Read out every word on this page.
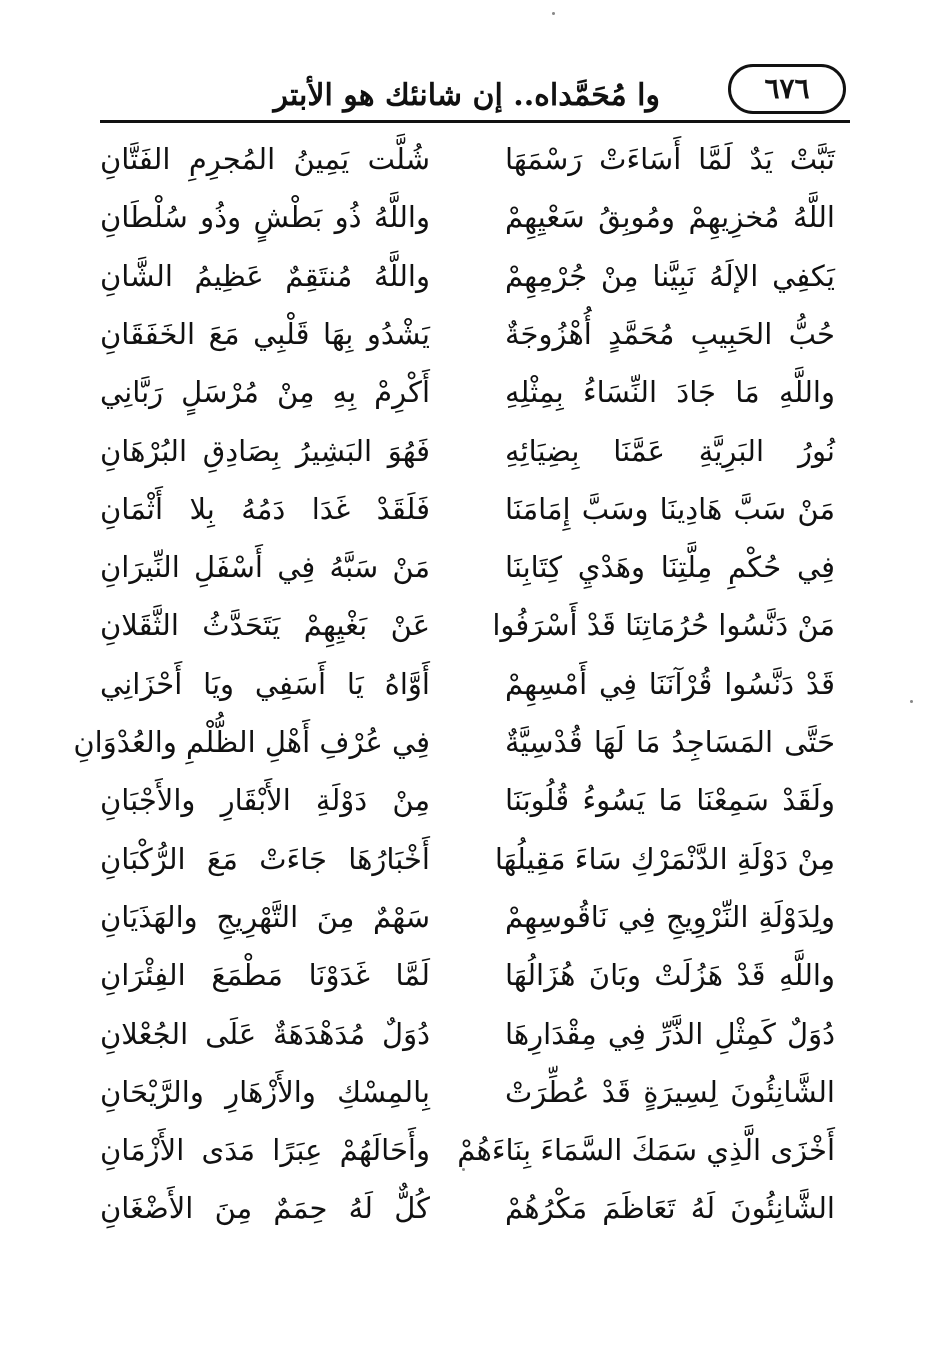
وا مُحَمَّداه.. إن شانئك هو الأبتر	٦٧٦
تَبَّتْ يَدٌ لَمَّا أَسَاءَتْ رَسْمَهَا
شُلَّت يَمِينُ المُجرِمِ الفَتَّانِ
اللَّهُ مُخزِيهِمْ ومُوبِقُ سَعْيِهِمْ
واللَّهُ ذُو بَطْشٍ وذُو سُلْطَانِ
يَكفِي الإلَهُ نَبِيَّنا مِنْ جُرْمِهِمْ
واللَّهُ مُنتَقِمٌ عَظِيمُ الشَّانِ
حُبُّ الحَبِيبِ مُحَمَّدٍ أُهْزُوجَةٌ
يَشْدُو بِهَا قَلْبِي مَعَ الخَفَقَانِ
واللَّهِ مَا جَادَ النِّسَاءُ بِمِثْلِهِ
أَكْرِمْ بِهِ مِنْ مُرْسَلٍ رَبَّانِي
نُورُ البَرِيَّةِ عَمَّنَا بِضِيَائِهِ
فَهُوَ البَشِيرُ بِصَادِقِ البُرْهَانِ
مَنْ سَبَّ هَادِينَا وسَبَّ إِمَامَنَا
فَلَقَدْ غَدَا دَمُهُ بِلا أَثْمَانِ
فِي حُكْمِ مِلَّتِنَا وهَدْيِ كِتَابِنَا
مَنْ سَبَّهُ فِي أَسْفَلِ النِّيرَانِ
مَنْ دَنَّسُوا حُرُمَاتِنَا قَدْ أَسْرَفُوا
عَنْ بَغْيِهِمْ يَتَحَدَّثُ الثَّقَلانِ
قَدْ دَنَّسُوا قُرْآنَنَا فِي أَمْسِهِمْ
أَوَّاهُ يَا أَسَفِي ويَا أَحْزَانِي
حَتَّى المَسَاجِدُ مَا لَهَا قُدْسِيَّةٌ
فِي عُرْفِ أَهْلِ الظُّلْمِ والعُدْوَانِ
ولَقَدْ سَمِعْنَا مَا يَسُوءُ قُلُوبَنَا
مِنْ دَوْلَةِ الأَبْقَارِ والأَجْبَانِ
مِنْ دَوْلَةِ الدَّنْمَرْكِ سَاءَ مَقِيلُهَا
أَخْبَارُهَا جَاءَتْ مَعَ الرُّكْبَانِ
ولِدَوْلَةِ النِّرْوِيجِ فِي نَاقُوسِهِمْ
سَهْمٌ مِنَ التَّهْرِيجِ والهَذَيَانِ
واللَّهِ قَدْ هَزُلَتْ وبَانَ هُزَالُهَا
لَمَّا غَدَوْنَا مَطْمَعَ الفِئْرَانِ
دُوَلٌ كَمِثْلِ الذَّرِّ فِي مِقْدَارِهَا
دُوَلٌ مُدَهْدَهَةٌ عَلَى الجُعْلانِ
الشَّانِئُونَ لِسِيرَةٍ قَدْ عُطِّرَتْ
بِالمِسْكِ والأَزْهَارِ والرَّيْحَانِ
أَخْزَى الَّذِي سَمَكَ السَّمَاءَ بِنَاءَهُمْ
وأَحَالَهُمْ عِبَرًا مَدَى الأَزْمَانِ
الشَّانِئُونَ لَهُ تَعَاظَمَ مَكْرُهُمْ
كُلٌّ لَهُ حِمَمٌ مِنَ الأَضْغَانِ
